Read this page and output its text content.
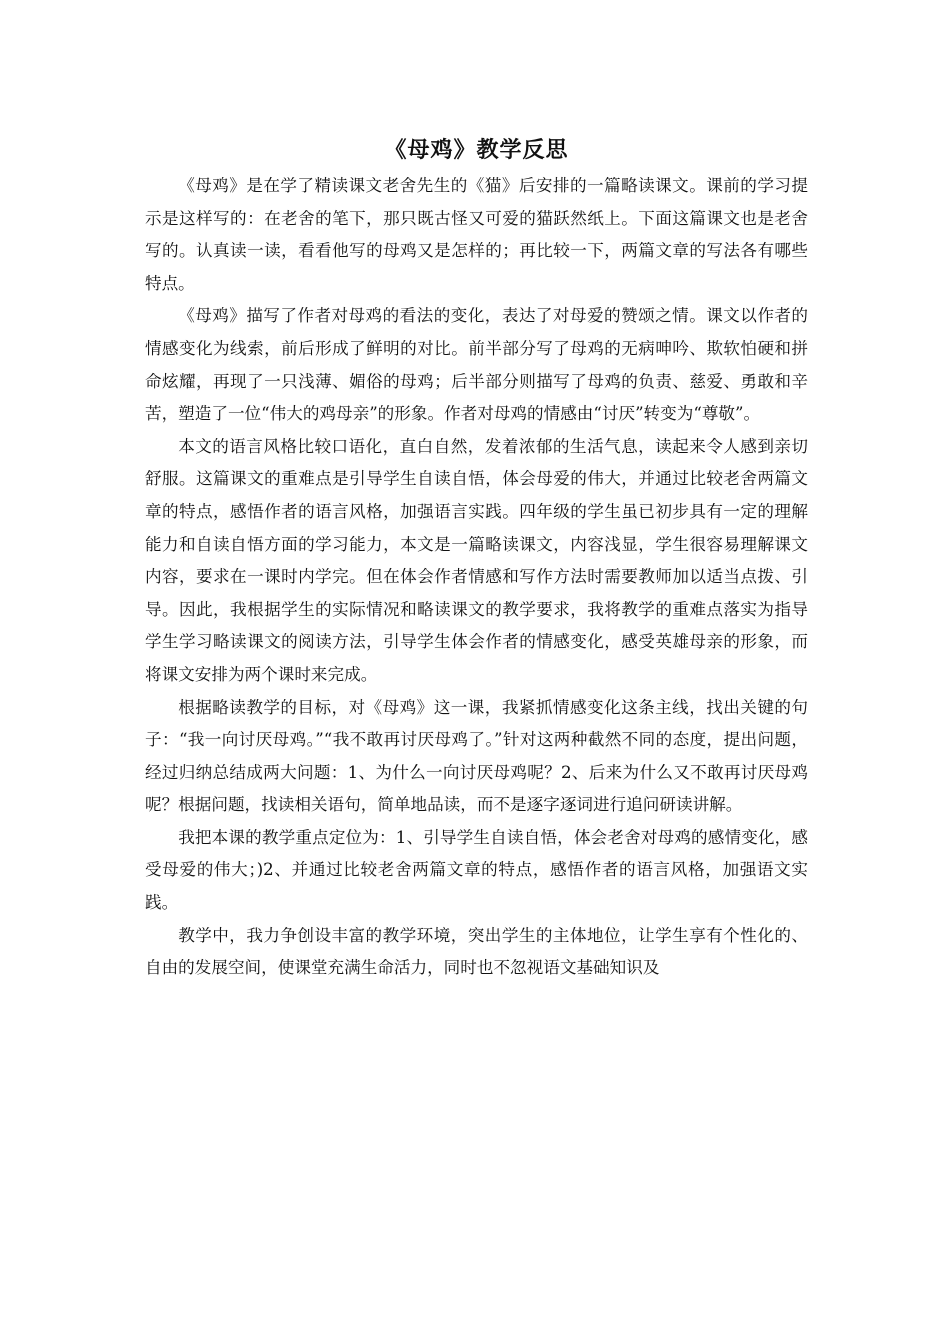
《母鸡》教学反思

《母鸡》是在学了精读课文老舍先生的《猫》后安排的一篇略读课文。课前的学习提示是这样写的：在老舍的笔下，那只既古怪又可爱的猫跃然纸上。下面这篇课文也是老舍写的。认真读一读，看看他写的母鸡又是怎样的；再比较一下，两篇文章的写法各有哪些特点。

《母鸡》描写了作者对母鸡的看法的变化，表达了对母爱的赞颂之情。课文以作者的情感变化为线索，前后形成了鲜明的对比。前半部分写了母鸡的无病呻吟、欺软怕硬和拼命炫耀，再现了一只浅薄、媚俗的母鸡；后半部分则描写了母鸡的负责、慈爱、勇敢和辛苦，塑造了一位“伟大的鸡母亲”的形象。作者对母鸡的情感由“讨厌”转变为“尊敬”。

本文的语言风格比较口语化，直白自然，发着浓郁的生活气息，读起来令人感到亲切舒服。这篇课文的重难点是引导学生自读自悟，体会母爱的伟大，并通过比较老舍两篇文章的特点，感悟作者的语言风格，加强语言实践。四年级的学生虽已初步具有一定的理解能力和自读自悟方面的学习能力，本文是一篇略读课文，内容浅显，学生很容易理解课文内容，要求在一课时内学完。但在体会作者情感和写作方法时需要教师加以适当点拨、引导。因此，我根据学生的实际情况和略读课文的教学要求，我将教学的重难点落实为指导学生学习略读课文的阅读方法，引导学生体会作者的情感变化，感受英雄母亲的形象，而将课文安排为两个课时来完成。

根据略读教学的目标，对《母鸡》这一课，我紧抓情感变化这条主线，找出关键的句子：“我一向讨厌母鸡。”“我不敢再讨厌母鸡了。”针对这两种截然不同的态度，提出问题，经过归纳总结成两大问题：1、为什么一向讨厌母鸡呢？2、后来为什么又不敢再讨厌母鸡呢？根据问题，找读相关语句，简单地品读，而不是逐字逐词进行追问研读讲解。

我把本课的教学重点定位为：1、引导学生自读自悟，体会老舍对母鸡的感情变化，感受母爱的伟大；)2、并通过比较老舍两篇文章的特点，感悟作者的语言风格，加强语文实践。

教学中，我力争创设丰富的教学环境，突出学生的主体地位，让学生享有个性化的、自由的发展空间，使课堂充满生命活力，同时也不忽视语文基础知识及
